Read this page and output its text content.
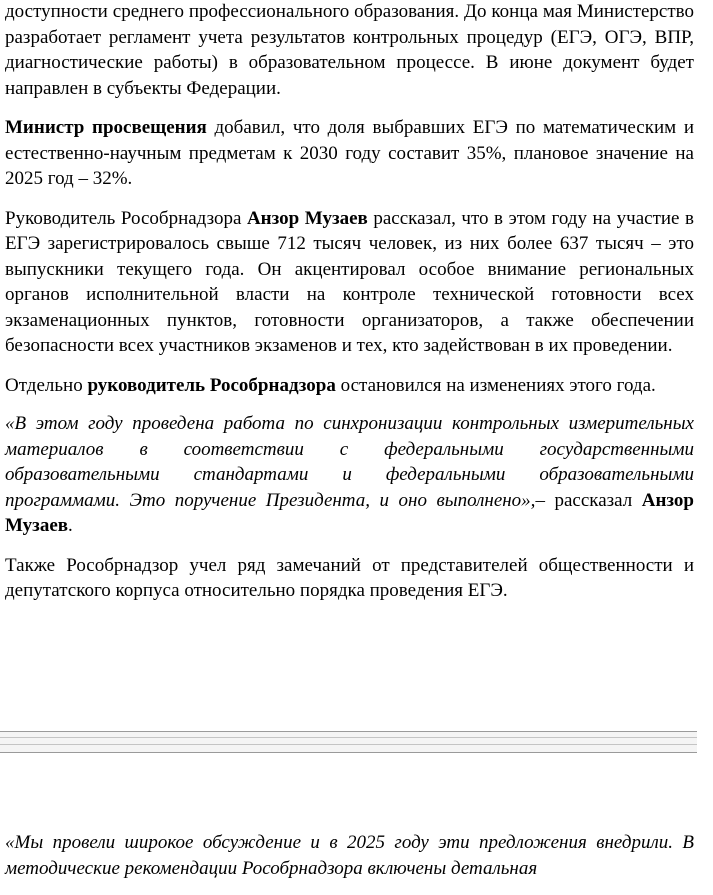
доступности среднего профессионального образования. До конца мая Министерство разработает регламент учета результатов контрольных процедур (ЕГЭ, ОГЭ, ВПР, диагностические работы) в образовательном процессе. В июне документ будет направлен в субъекты Федерации.

Министр просвещения добавил, что доля выбравших ЕГЭ по математическим и естественно-научным предметам к 2030 году составит 35%, плановое значение на 2025 год – 32%.

Руководитель Рособрнадзора Анзор Музаев рассказал, что в этом году на участие в ЕГЭ зарегистрировалось свыше 712 тысяч человек, из них более 637 тысяч – это выпускники текущего года. Он акцентировал особое внимание региональных органов исполнительной власти на контроле технической готовности всех экзаменационных пунктов, готовности организаторов, а также обеспечении безопасности всех участников экзаменов и тех, кто задействован в их проведении.

Отдельно руководитель Рособрнадзора остановился на изменениях этого года.

«В этом году проведена работа по синхронизации контрольных измерительных материалов в соответствии с федеральными государственными образовательными стандартами и федеральными образовательными программами. Это поручение Президента, и оно выполнено»,– рассказал Анзор Музаев.

Также Рособрнадзор учел ряд замечаний от представителей общественности и депутатского корпуса относительно порядка проведения ЕГЭ.

«Мы провели широкое обсуждение и в 2025 году эти предложения внедрили. В методические рекомендации Рособрнадзора включены детальная
